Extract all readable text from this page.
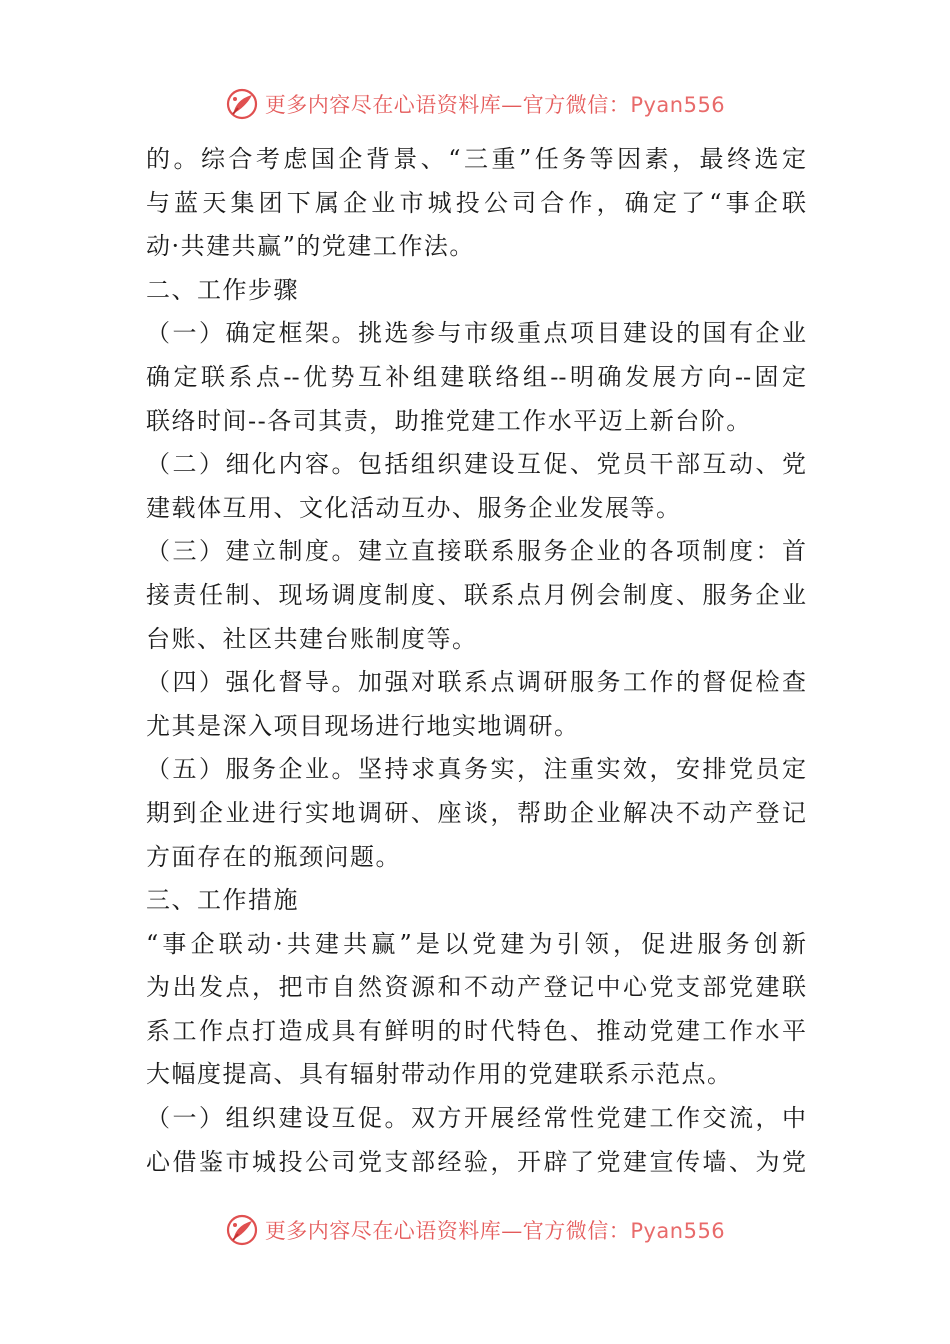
更多内容尽在心语资料库—官方微信：Pyan556
的。综合考虑国企背景、“三重”任务等因素，最终选定
与蓝天集团下属企业市城投公司合作，确定了“事企联
动·共建共赢”的党建工作法。
二、工作步骤
（一）确定框架。挑选参与市级重点项目建设的国有企业
确定联系点--优势互补组建联络组--明确发展方向--固定
联络时间--各司其责，助推党建工作水平迈上新台阶。
（二）细化内容。包括组织建设互促、党员干部互动、党
建载体互用、文化活动互办、服务企业发展等。
（三）建立制度。建立直接联系服务企业的各项制度：首
接责任制、现场调度制度、联系点月例会制度、服务企业
台账、社区共建台账制度等。
（四）强化督导。加强对联系点调研服务工作的督促检查
尤其是深入项目现场进行地实地调研。
（五）服务企业。坚持求真务实，注重实效，安排党员定
期到企业进行实地调研、座谈，帮助企业解决不动产登记
方面存在的瓶颈问题。
三、工作措施
“事企联动·共建共赢”是以党建为引领，促进服务创新
为出发点，把市自然资源和不动产登记中心党支部党建联
系工作点打造成具有鲜明的时代特色、推动党建工作水平
大幅度提高、具有辐射带动作用的党建联系示范点。
（一）组织建设互促。双方开展经常性党建工作交流，中
心借鉴市城投公司党支部经验，开辟了党建宣传墙、为党
更多内容尽在心语资料库—官方微信：Pyan556
